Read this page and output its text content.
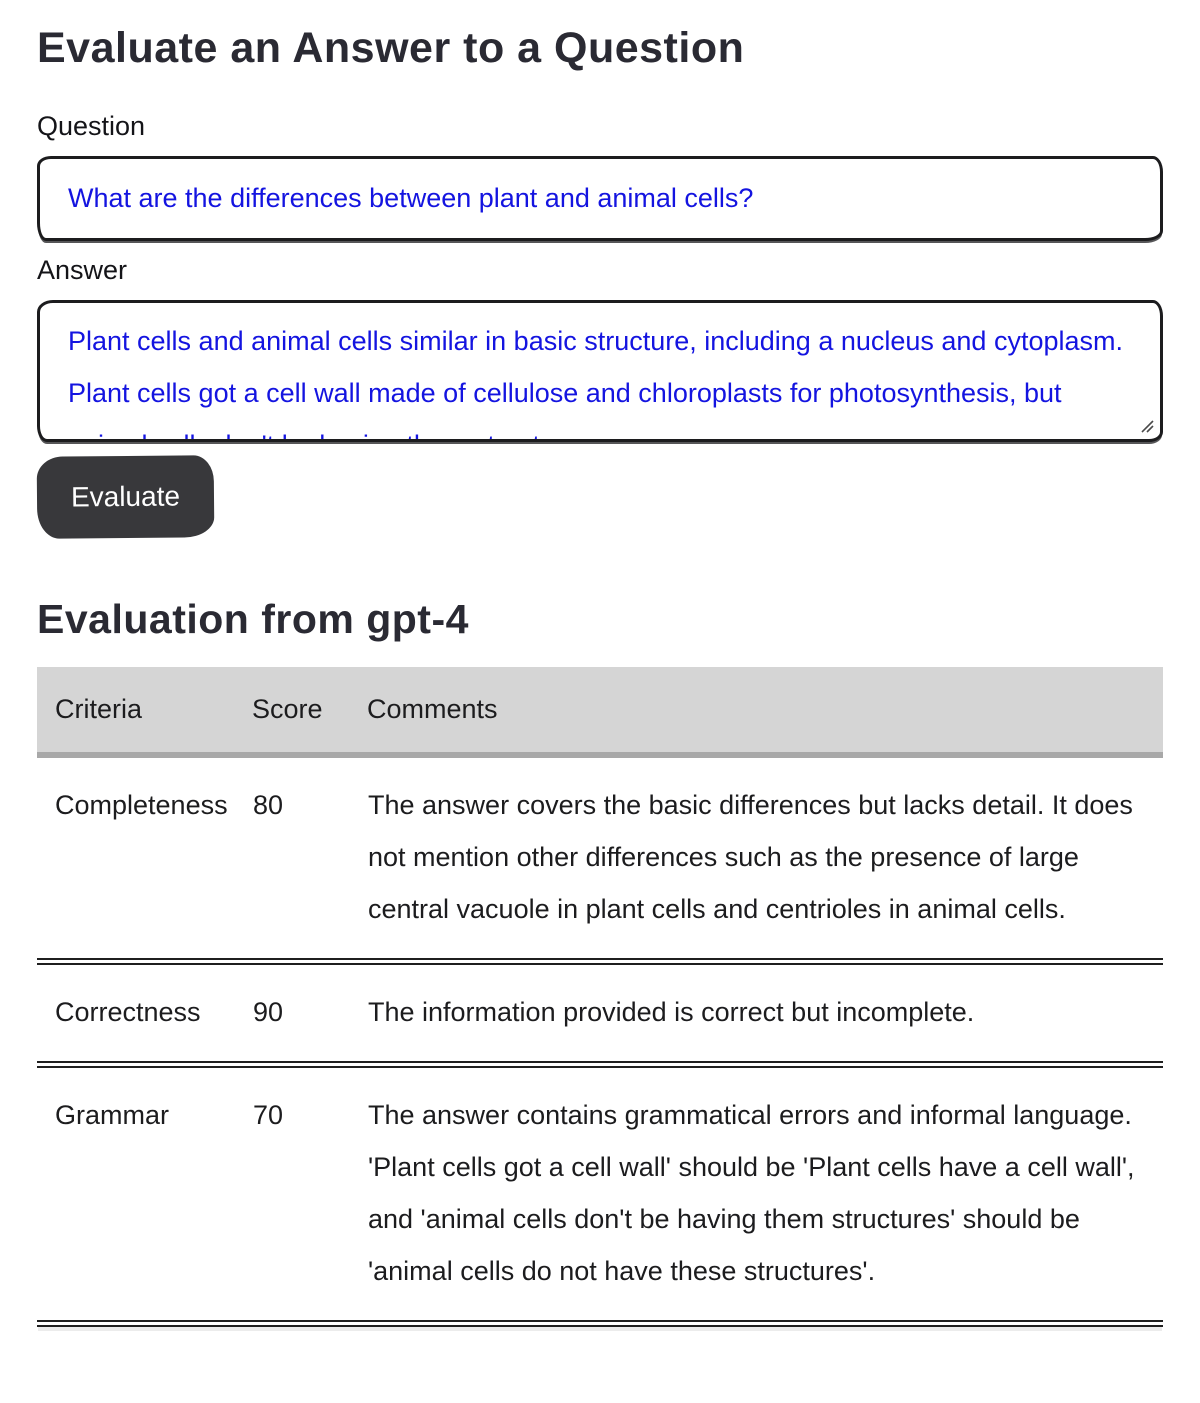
Evaluate an Answer to a Question
Question
What are the differences between plant and animal cells?
Answer
Plant cells and animal cells similar in basic structure, including a nucleus and cytoplasm. Plant cells got a cell wall made of cellulose and chloroplasts for photosynthesis, but animal cells don't be having them structures.
Evaluate
Evaluation from gpt-4
Criteria	Score	Comments
Completeness	80	The answer covers the basic differences but lacks detail. It does not mention other differences such as the presence of large central vacuole in plant cells and centrioles in animal cells.
Correctness	90	The information provided is correct but incomplete.
Grammar	70	The answer contains grammatical errors and informal language. 'Plant cells got a cell wall' should be 'Plant cells have a cell wall', and 'animal cells don't be having them structures' should be 'animal cells do not have these structures'.
